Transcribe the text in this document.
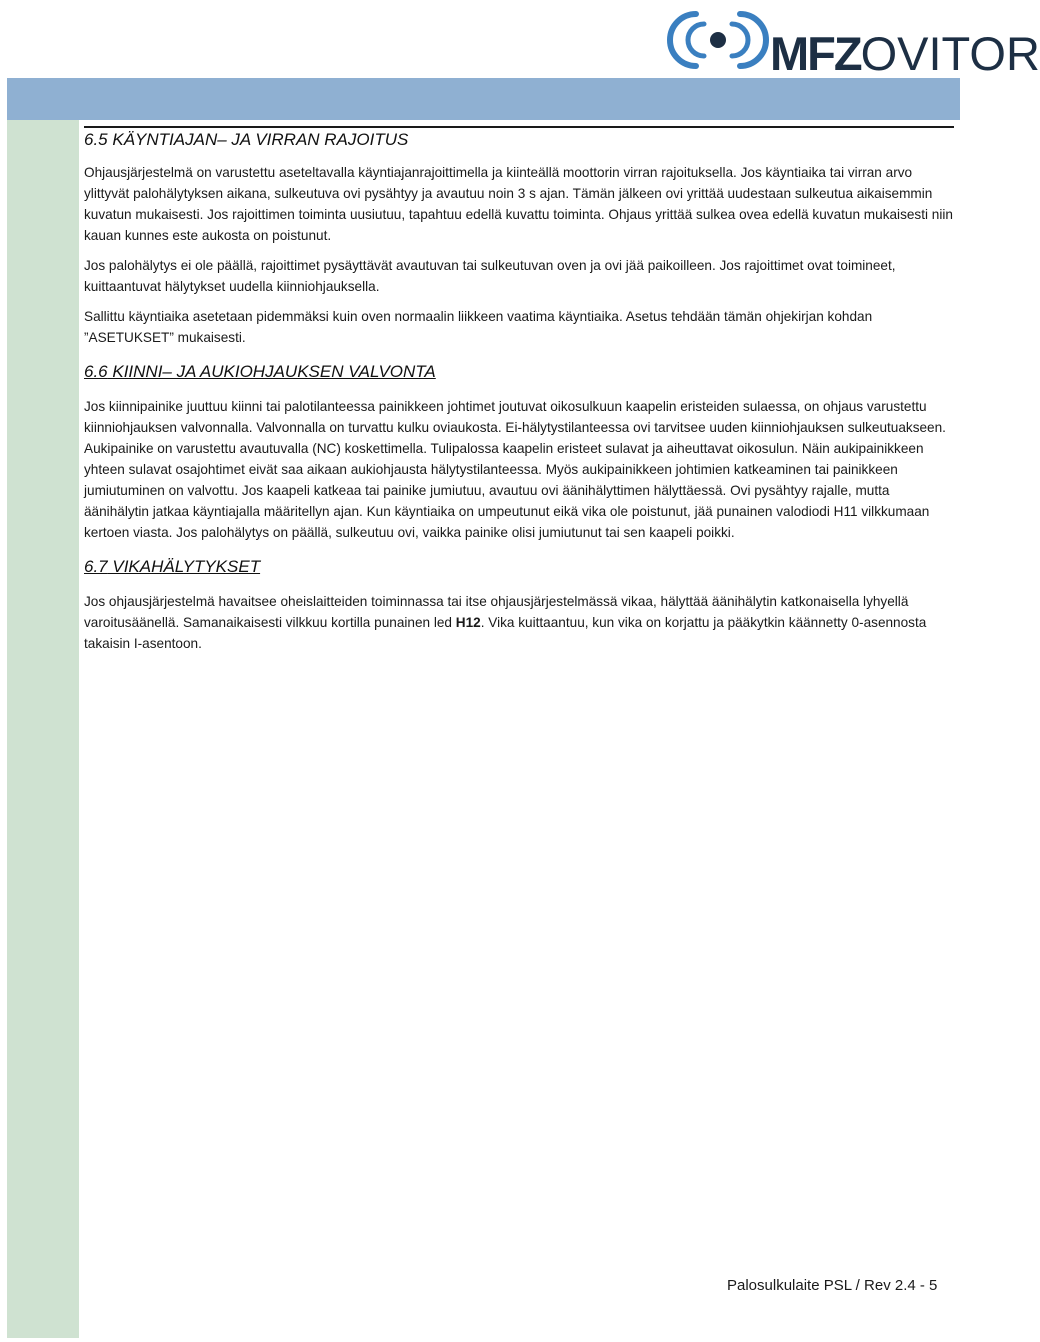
MFZOVITOR
6.5 KÄYNTIAJAN– JA VIRRAN RAJOITUS

Ohjausjärjestelmä on varustettu aseteltavalla käyntiajanrajoittimella ja kiinteällä moottorin virran rajoituksella. Jos käyntiaika tai virran arvo ylittyvät palohälytyksen aikana, sulkeutuva ovi pysähtyy ja avautuu noin 3 s ajan. Tämän jälkeen ovi yrittää uudestaan sulkeutua aikaisemmin kuvatun mukaisesti. Jos rajoittimen toiminta uusiutuu, tapahtuu edellä kuvattu toiminta. Ohjaus yrittää sulkea ovea edellä kuvatun mukaisesti niin kauan kunnes este aukosta on poistunut.

Jos palohälytys ei ole päällä, rajoittimet pysäyttävät avautuvan tai sulkeutuvan oven ja ovi jää paikoilleen. Jos rajoittimet ovat toimineet, kuittaantuvat hälytykset uudella kiinniohjauksella.

Sallittu käyntiaika asetetaan pidemmäksi kuin oven normaalin liikkeen vaatima käyntiaika. Asetus tehdään tämän ohjekirjan kohdan ”ASETUKSET” mukaisesti.

6.6 KIINNI– JA AUKIOHJAUKSEN VALVONTA

Jos kiinnipainike juuttuu kiinni tai palotilanteessa painikkeen johtimet joutuvat oikosulkuun kaapelin eristeiden sulaessa, on ohjaus varustettu kiinniohjauksen valvonnalla. Valvonnalla on turvattu kulku oviaukosta. Ei-hälytystilanteessa ovi tarvitsee uuden kiinniohjauksen sulkeutuakseen. Aukipainike on varustettu avautuvalla (NC) koskettimella. Tulipalossa kaapelin eristeet sulavat ja aiheuttavat oikosulun. Näin aukipainikkeen yhteen sulavat osajohtimet eivät saa aikaan aukiohjausta hälytystilanteessa. Myös aukipainikkeen johtimien katkeaminen tai painikkeen jumiutuminen on valvottu. Jos kaapeli katkeaa tai painike jumiutuu, avautuu ovi äänihälyttimen hälyttäessä. Ovi pysähtyy rajalle, mutta äänihälytin jatkaa käyntiajalla määritellyn ajan. Kun käyntiaika on umpeutunut eikä vika ole poistunut, jää punainen valodiodi H11 vilkkumaan kertoen viasta. Jos palohälytys on päällä, sulkeutuu ovi, vaikka painike olisi jumiutunut tai sen kaapeli poikki.

6.7 VIKAHÄLYTYKSET

Jos ohjausjärjestelmä havaitsee oheislaitteiden toiminnassa tai itse ohjausjärjestelmässä vikaa, hälyttää äänihälytin katkonaisella lyhyellä varoitusäänellä. Samanaikaisesti vilkkuu kortilla punainen led H12. Vika kuittaantuu, kun vika on korjattu ja pääkytkin käännetty 0-asennosta takaisin I-asentoon.

Palosulkulaite PSL / Rev 2.4 - 5
